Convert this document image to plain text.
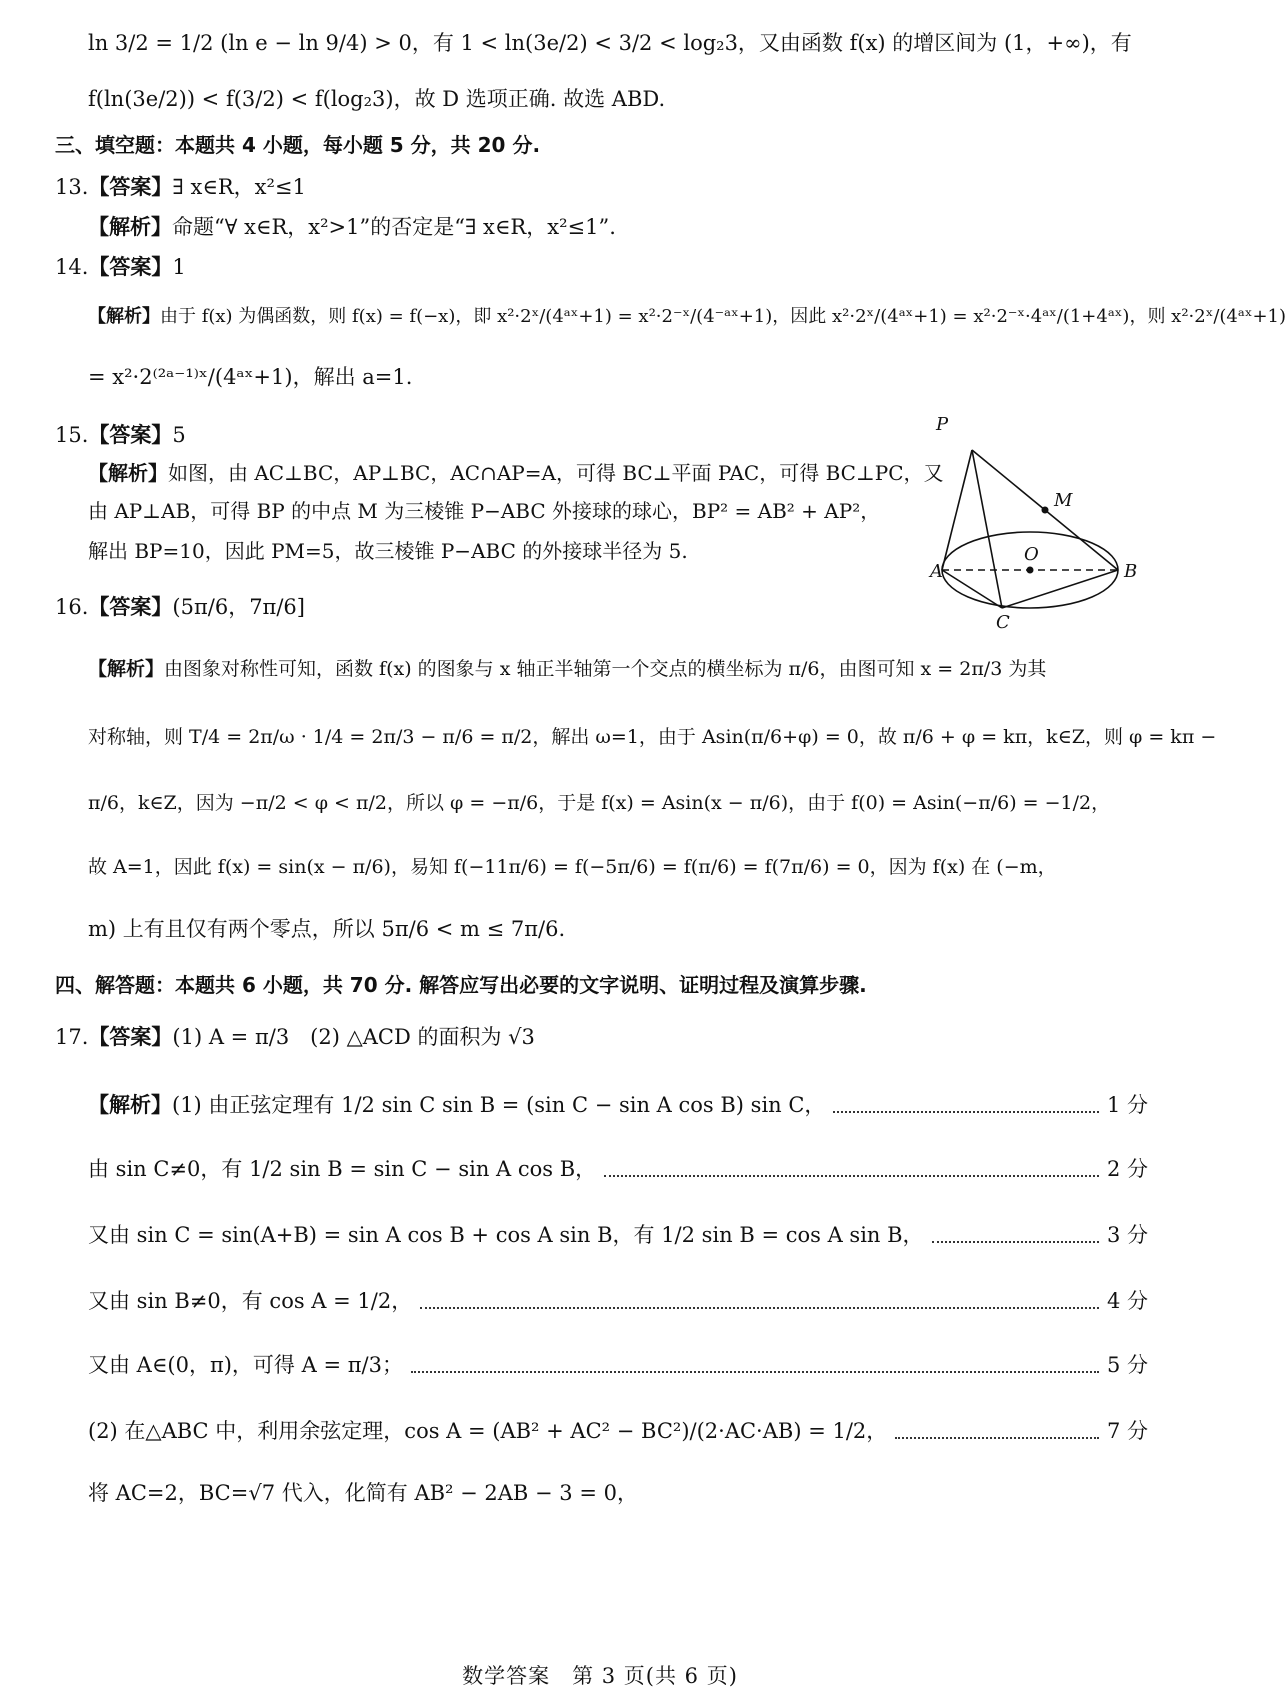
ln 3/2 = 1/2 (ln e − ln 9/4) > 0，有 1 < ln(3e/2) < 3/2 < log₂3，又由函数 f(x) 的增区间为 (1，+∞)，有
f(ln(3e/2)) < f(3/2) < f(log₂3)，故 D 选项正确. 故选 ABD.
三、填空题：本题共 4 小题，每小题 5 分，共 20 分.
13.【答案】∃ x∈R，x²≤1
【解析】命题“∀ x∈R，x²>1”的否定是“∃ x∈R，x²≤1”.
14.【答案】1
【解析】由于 f(x) 为偶函数，则 f(x) = f(−x)，即 x²·2ˣ/(4ᵃˣ+1) = x²·2⁻ˣ/(4⁻ᵃˣ+1)，因此 x²·2ˣ/(4ᵃˣ+1) = x²·2⁻ˣ·4ᵃˣ/(1+4ᵃˣ)，则 x²·2ˣ/(4ᵃˣ+1)
= x²·2⁽²ᵃ⁻¹⁾ˣ/(4ᵃˣ+1)，解出 a=1.
15.【答案】5
【解析】如图，由 AC⊥BC，AP⊥BC，AC∩AP=A，可得 BC⊥平面 PAC，可得 BC⊥PC，又
由 AP⊥AB，可得 BP 的中点 M 为三棱锥 P−ABC 外接球的球心，BP² = AB² + AP²，
解出 BP=10，因此 PM=5，故三棱锥 P−ABC 的外接球半径为 5.
P
M
O
A	B
C
16.【答案】(5π/6，7π/6]
【解析】由图象对称性可知，函数 f(x) 的图象与 x 轴正半轴第一个交点的横坐标为 π/6，由图可知 x = 2π/3 为其
对称轴，则 T/4 = 2π/ω · 1/4 = 2π/3 − π/6 = π/2，解出 ω=1，由于 Asin(π/6+φ) = 0，故 π/6 + φ = kπ，k∈Z，则 φ = kπ −
π/6，k∈Z，因为 −π/2 < φ < π/2，所以 φ = −π/6，于是 f(x) = Asin(x − π/6)，由于 f(0) = Asin(−π/6) = −1/2，
故 A=1，因此 f(x) = sin(x − π/6)，易知 f(−11π/6) = f(−5π/6) = f(π/6) = f(7π/6) = 0，因为 f(x) 在 (−m，
m) 上有且仅有两个零点，所以 5π/6 < m ≤ 7π/6.
四、解答题：本题共 6 小题，共 70 分. 解答应写出必要的文字说明、证明过程及演算步骤.
17.【答案】(1) A = π/3　(2) △ACD 的面积为 √3
【解析】(1) 由正弦定理有 1/2 sin C sin B = (sin C − sin A cos B) sin C，	1 分
由 sin C≠0，有 1/2 sin B = sin C − sin A cos B，	2 分
又由 sin C = sin(A+B) = sin A cos B + cos A sin B，有 1/2 sin B = cos A sin B，	3 分
又由 sin B≠0，有 cos A = 1/2，	4 分
又由 A∈(0，π)，可得 A = π/3；	5 分
(2) 在△ABC 中，利用余弦定理，cos A = (AB² + AC² − BC²)/(2·AC·AB) = 1/2，	7 分
将 AC=2，BC=√7 代入，化简有 AB² − 2AB − 3 = 0，
数学答案　第 3 页(共 6 页)
